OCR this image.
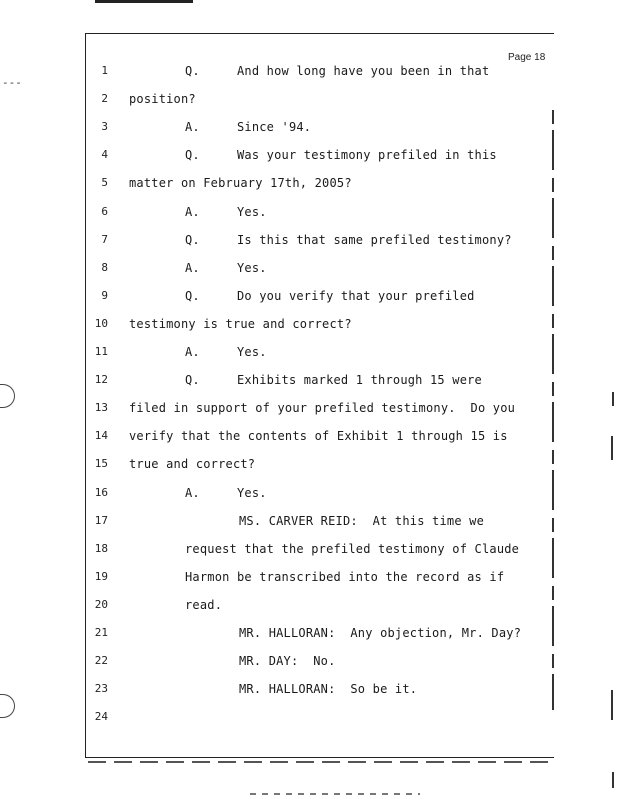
Page 18
1	Q.     And how long have you been in that
2 position?
3	A.     Since '94.
4	Q.     Was your testimony prefiled in this
5 matter on February 17th, 2005?
6	A.     Yes.
7	Q.     Is this that same prefiled testimony?
8	A.     Yes.
9	Q.     Do you verify that your prefiled
10 testimony is true and correct?
11	A.     Yes.
12	Q.     Exhibits marked 1 through 15 were
13 filed in support of your prefiled testimony.  Do you
14 verify that the contents of Exhibit 1 through 15 is
15 true and correct?
16	A.     Yes.
17	MS. CARVER REID:  At this time we
18	request that the prefiled testimony of Claude
19	Harmon be transcribed into the record as if
20	read.
21	MR. HALLORAN:  Any objection, Mr. Day?
22	MR. DAY:  No.
23	MR. HALLORAN:  So be it.
24
--‑
